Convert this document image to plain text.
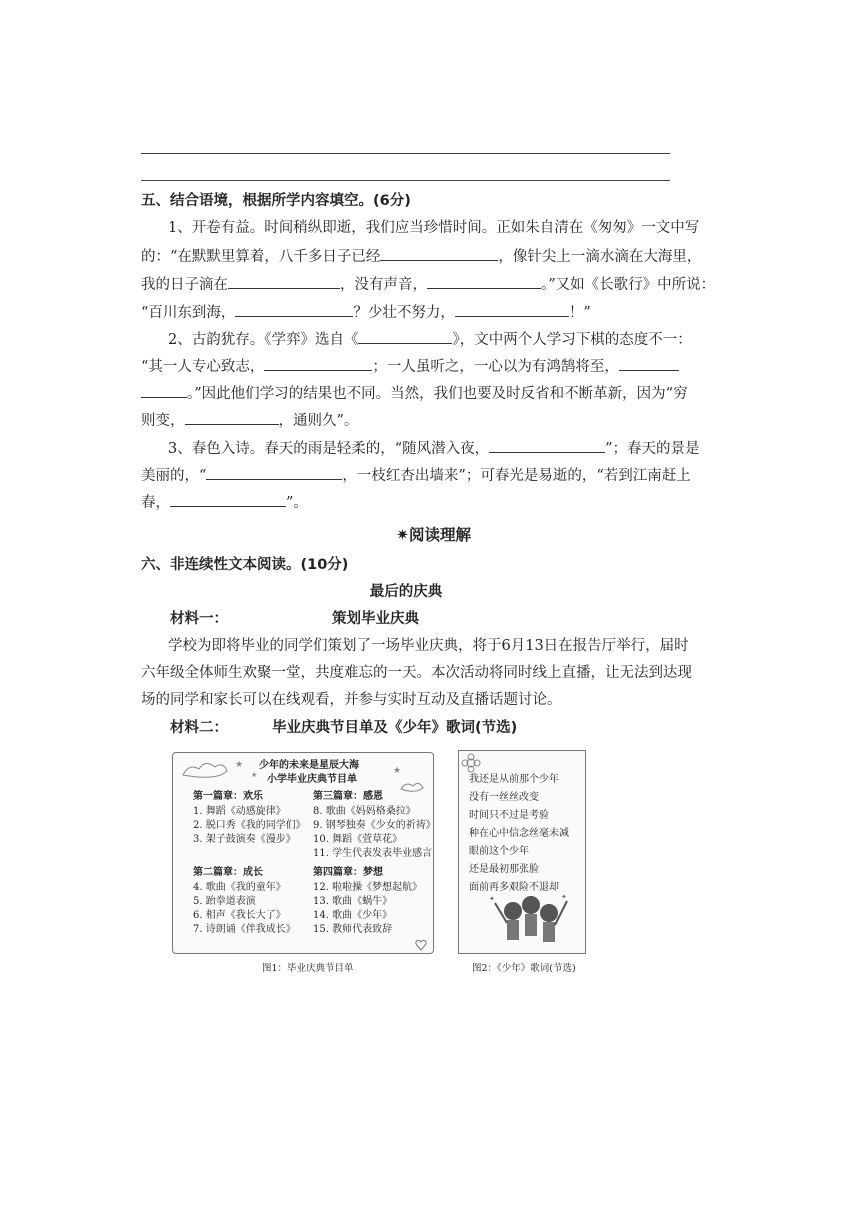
五、结合语境，根据所学内容填空。(6分)
1、开卷有益。时间稍纵即逝，我们应当珍惜时间。正如朱自清在《匆匆》一文中写
的：“在默默里算着，八千多日子已经	，像针尖上一滴水滴在大海里，
我的日子滴在	，没有声音，	。”又如《长歌行》中所说：
“百川东到海，	？少壮不努力，	！”
2、古韵犹存。《学弈》选自《	》，文中两个人学习下棋的态度不一：
“其一人专心致志，	；一人虽听之，一心以为有鸿鹄将至，
。”因此他们学习的结果也不同。当然，我们也要及时反省和不断革新，因为“穷
则变，	，通则久”。
3、春色入诗。春天的雨是轻柔的，“随风潜入夜，	”；春天的景是
美丽的，“	，一枝红杏出墙来”；可春光是易逝的，“若到江南赶上
春，	”。
✷阅读理解
六、非连续性文本阅读。(10分)
最后的庆典
材料一：	策划毕业庆典
学校为即将毕业的同学们策划了一场毕业庆典，将于6月13日在报告厅举行，届时
六年级全体师生欢聚一堂，共度难忘的一天。本次活动将同时线上直播，让无法到达现
场的同学和家长可以在线观看，并参与实时互动及直播话题讨论。
材料二：	毕业庆典节目单及《少年》歌词(节选)
★
★	★
少年的未来是星辰大海
小学毕业庆典节目单
第一篇章：欢乐
1. 舞蹈《动感旋律》
2. 脱口秀《我的同学们》
3. 架子鼓演奏《漫步》
第二篇章：成长
4. 歌曲《我的童年》
5. 跆拳道表演
6. 相声《我长大了》
7. 诗朗诵《伴我成长》
第三篇章：感恩
8. 歌曲《妈妈格桑拉》
9. 钢琴独奏《少女的祈祷》
10. 舞蹈《萱草花》
11. 学生代表发表毕业感言
第四篇章：梦想
12. 啦啦操《梦想起航》
13. 歌曲《蜗牛》
14. 歌曲《少年》
15. 教师代表致辞
图1：毕业庆典节目单
我还是从前那个少年
没有一丝丝改变
时间只不过是考验
种在心中信念丝毫未减
眼前这个少年
还是最初那张脸
面前再多艰险不退却
✦	✦
图2：《少年》歌词(节选)
